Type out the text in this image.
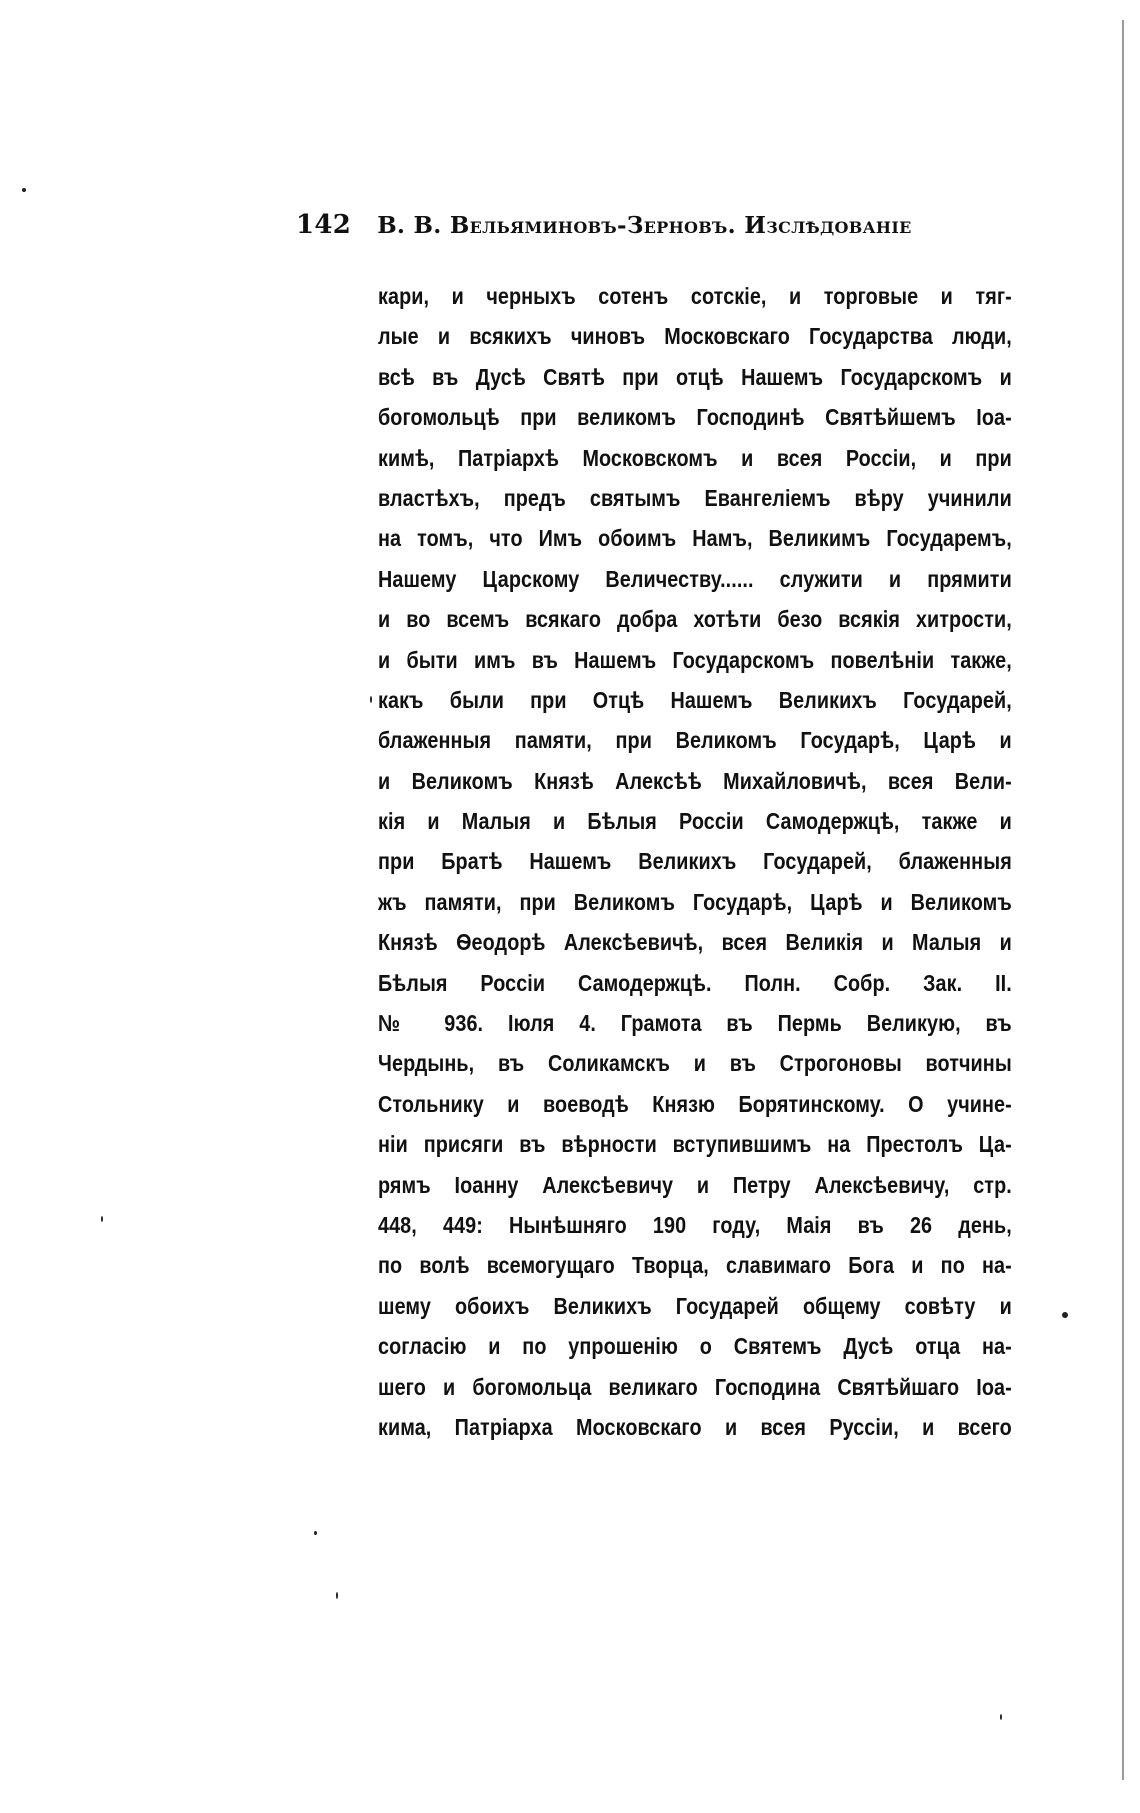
142 В. В. Вельяминовъ-Зерновъ. Изслѣдованіе
кари, и черныхъ сотенъ сотскіе, и торговые и тяг-
лые и всякихъ чиновъ Московскаго Государства люди,
всѣ въ Дусѣ Святѣ при отцѣ Нашемъ Государскомъ и
богомольцѣ при великомъ Господинѣ Святѣйшемъ Іоа-
кимѣ, Патріархѣ Московскомъ и всея Россіи, и при
властѣхъ, предъ святымъ Евангеліемъ вѣру учинили
на томъ, что Имъ обоимъ Намъ, Великимъ Государемъ,
Нашему Царскому Величеству...... служити и прямити
и во всемъ всякаго добра хотѣти безо всякія хитрости,
и быти имъ въ Нашемъ Государскомъ повелѣніи также,
какъ были при Отцѣ Нашемъ Великихъ Государей,
блаженныя памяти, при Великомъ Государѣ, Царѣ и
и Великомъ Князѣ Алексѣѣ Михайловичѣ, всея Вели-
кія и Малыя и Бѣлыя Россіи Самодержцѣ, также и
при Братѣ Нашемъ Великихъ Государей, блаженныя
жъ памяти, при Великомъ Государѣ, Царѣ и Великомъ
Князѣ Ѳеодорѣ Алексѣевичѣ, всея Великія и Малыя и
Бѣлыя Россіи Самодержцѣ. Полн. Собр. Зак. II.
№ 936. Іюля 4. Грамота въ Пермь Великую, въ
Чердынь, въ Соликамскъ и въ Строгоновы вотчины
Стольнику и воеводѣ Князю Борятинскому. О учине-
ніи присяги въ вѣрности вступившимъ на Престолъ Ца-
рямъ Іоанну Алексѣевичу и Петру Алексѣевичу, стр.
448, 449: Нынѣшняго 190 году, Маія въ 26 день,
по волѣ всемогущаго Творца, славимаго Бога и по на-
шему обоихъ Великихъ Государей общему совѣту и
согласію и по упрошенію о Святемъ Дусѣ отца на-
шего и богомольца великаго Господина Святѣйшаго Іоа-
кима, Патріарха Московскаго и всея Руссіи, и всего
